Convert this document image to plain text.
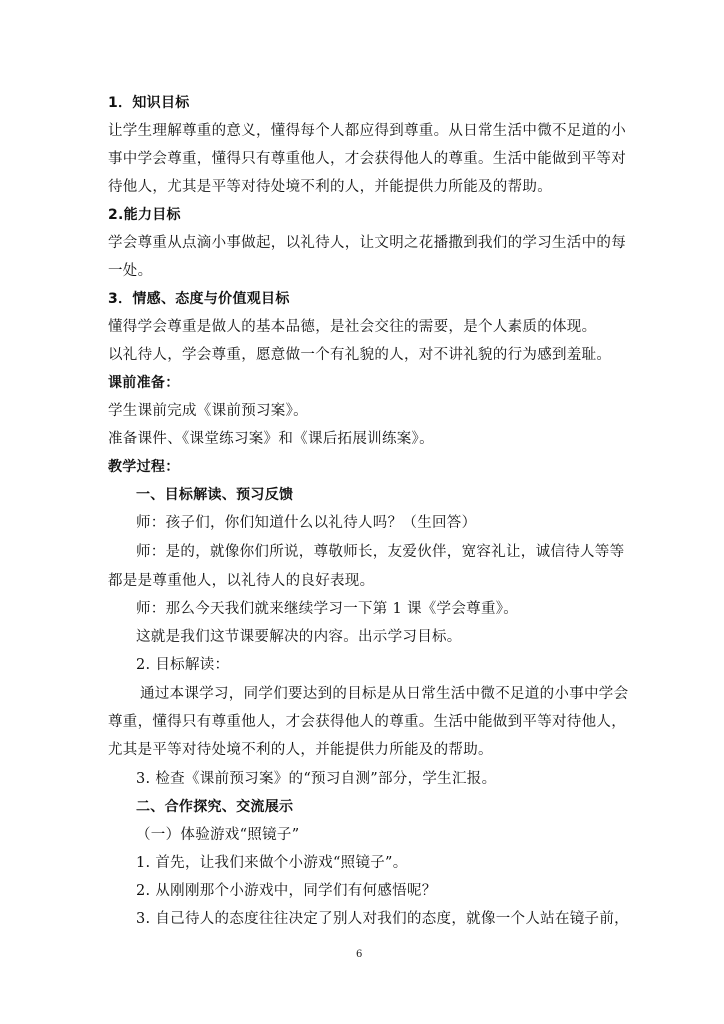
1．知识目标
让学生理解尊重的意义，懂得每个人都应得到尊重。从日常生活中微不足道的小
事中学会尊重，懂得只有尊重他人，才会获得他人的尊重。生活中能做到平等对
待他人，尤其是平等对待处境不利的人，并能提供力所能及的帮助。
2.能力目标
学会尊重从点滴小事做起，以礼待人，让文明之花播撒到我们的学习生活中的每
一处。
3．情感、态度与价值观目标
懂得学会尊重是做人的基本品德，是社会交往的需要，是个人素质的体现。
以礼待人，学会尊重，愿意做一个有礼貌的人，对不讲礼貌的行为感到羞耻。
课前准备：
学生课前完成《课前预习案》。
准备课件、《课堂练习案》和《课后拓展训练案》。
教学过程：
一、目标解读、预习反馈
师：孩子们，你们知道什么以礼待人吗？（生回答）
师：是的，就像你们所说，尊敬师长，友爱伙伴，宽容礼让，诚信待人等等
都是是尊重他人，以礼待人的良好表现。
师：那么今天我们就来继续学习一下第 1 课《学会尊重》。
这就是我们这节课要解决的内容。出示学习目标。
2. 目标解读：
通过本课学习，同学们要达到的目标是从日常生活中微不足道的小事中学会
尊重，懂得只有尊重他人，才会获得他人的尊重。生活中能做到平等对待他人，
尤其是平等对待处境不利的人，并能提供力所能及的帮助。
3. 检查《课前预习案》的“预习自测”部分，学生汇报。
二、合作探究、交流展示
（一）体验游戏“照镜子”
1. 首先，让我们来做个小游戏“照镜子”。
2. 从刚刚那个小游戏中，同学们有何感悟呢？
3. 自己待人的态度往往决定了别人对我们的态度，就像一个人站在镜子前，
6
